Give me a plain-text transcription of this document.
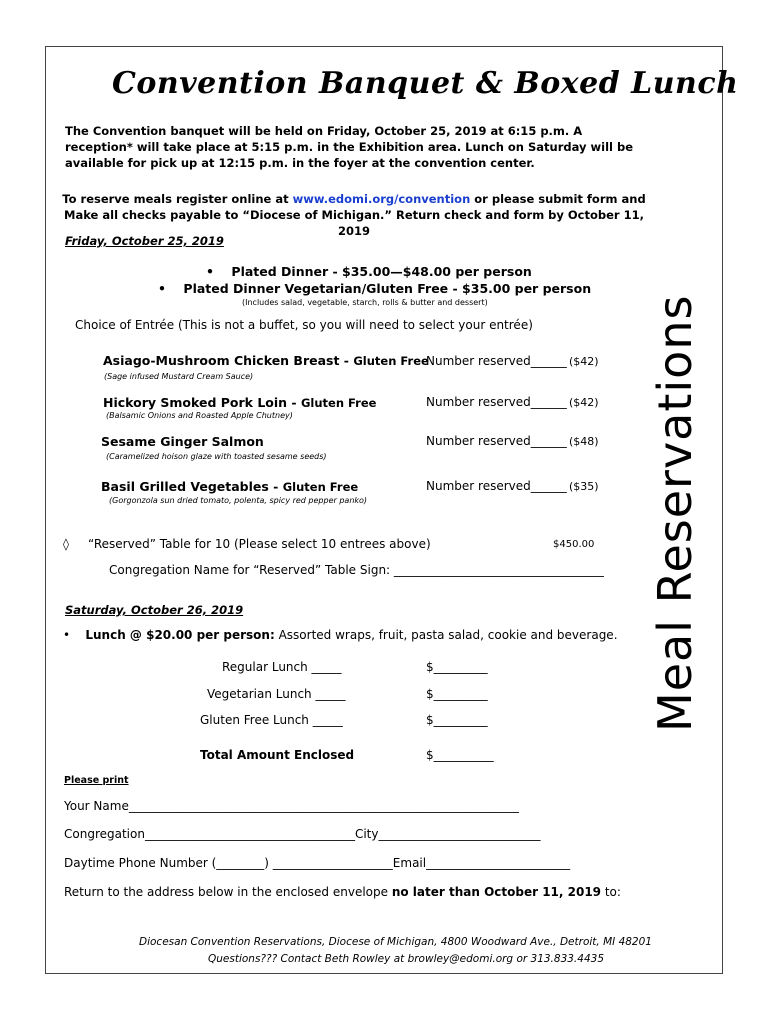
Convention Banquet & Boxed Lunch
The Convention banquet will be held on Friday, October 25, 2019 at 6:15 p.m. A reception* will take place at 5:15 p.m. in the Exhibition area. Lunch on Saturday will be available for pick up at 12:15 p.m. in the foyer at the convention center.
To reserve meals register online at www.edomi.org/convention or please submit form and
Make all checks payable to “Diocese of Michigan.” Return check and form by October 11, 2019
Friday, October 25, 2019
•    Plated Dinner - $35.00—$48.00 per person
•    Plated Dinner Vegetarian/Gluten Free - $35.00 per person
(Includes salad, vegetable, starch, rolls & butter and dessert)
Choice of Entrée (This is not a buffet, so you will need to select your entrée)
Asiago-Mushroom Chicken Breast - Gluten Free
(Sage infused Mustard Cream Sauce)
Number reserved______ ($42)
Hickory Smoked Pork Loin - Gluten Free
(Balsamic Onions and Roasted Apple Chutney)
Number reserved______ ($42)
Sesame Ginger Salmon
(Caramelized hoison glaze with toasted sesame seeds)
Number reserved______ ($48)
Basil Grilled Vegetables - Gluten Free
(Gorgonzola sun dried tomato, polenta, spicy red pepper panko)
Number reserved______ ($35)
◊ “Reserved” Table for 10 (Please select 10 entrees above)	$450.00
Congregation Name for “Reserved” Table Sign: ___________________________________
Saturday, October 26, 2019
•    Lunch @ $20.00 per person: Assorted wraps, fruit, pasta salad, cookie and beverage.
Regular Lunch _____	$_________
Vegetarian Lunch _____	$_________
Gluten Free Lunch _____	$_________
Total Amount Enclosed	$__________
Please print
Your Name_________________________________________________________________
Congregation___________________________________City___________________________
Daytime Phone Number (________) ____________________Email________________________
Return to the address below in the enclosed envelope no later than October 11, 2019 to:
Diocesan Convention Reservations, Diocese of Michigan, 4800 Woodward Ave., Detroit, MI 48201
Questions??? Contact Beth Rowley at browley@edomi.org or 313.833.4435
Meal Reservations
